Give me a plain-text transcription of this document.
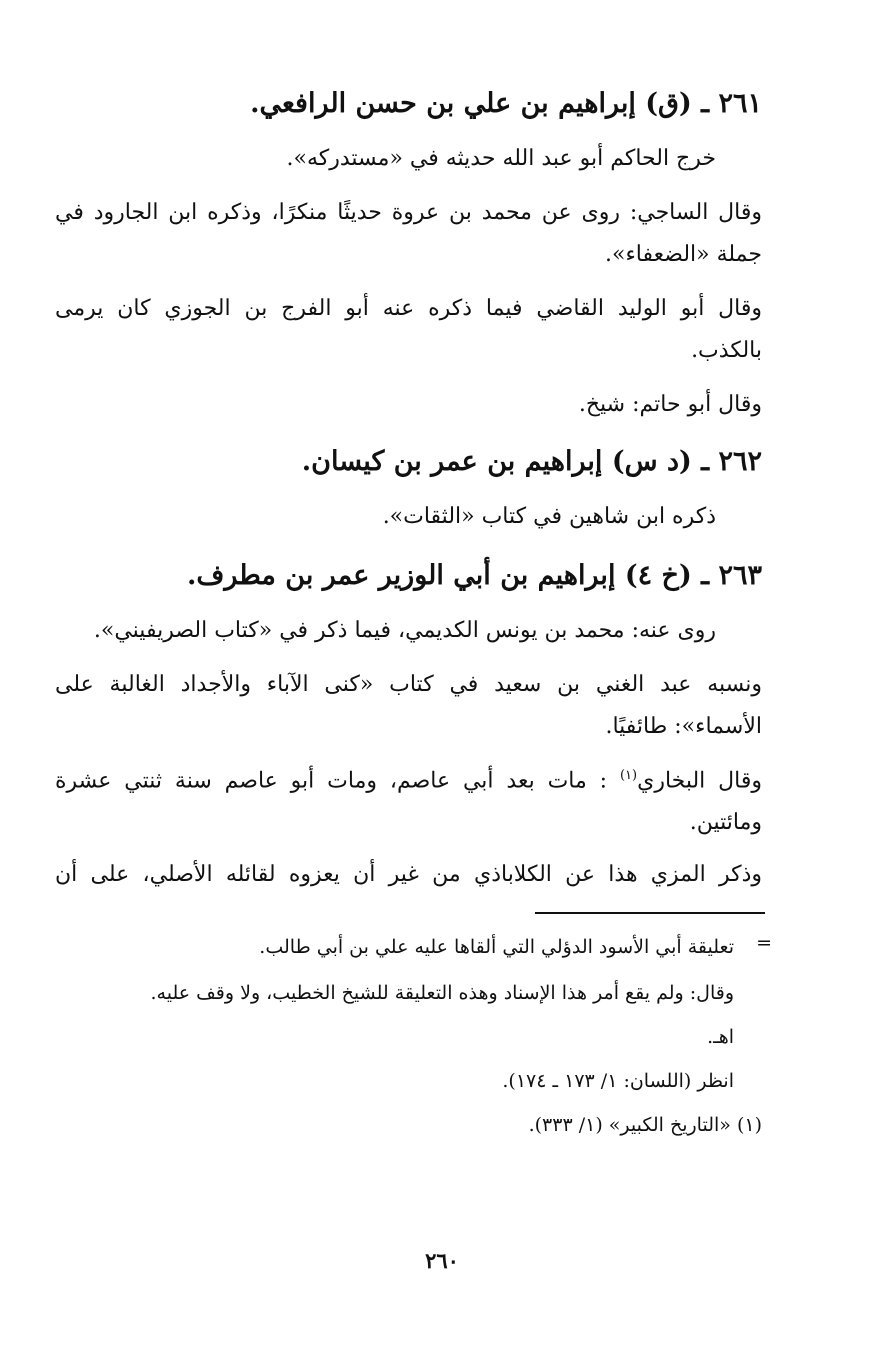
٢٦١ ـ (ق) إبراهيم بن علي بن حسن الرافعي.
خرج الحاكم أبو عبد الله حديثه في «مستدركه».
وقال الساجي: روى عن محمد بن عروة حديثًا منكرًا، وذكره ابن الجارود في
جملة «الضعفاء».
وقال أبو الوليد القاضي فيما ذكره عنه أبو الفرج بن الجوزي كان يرمى
بالكذب.
وقال أبو حاتم: شيخ.
٢٦٢ ـ (د س) إبراهيم بن عمر بن كيسان.
ذكره ابن شاهين في كتاب «الثقات».
٢٦٣ ـ (خ ٤) إبراهيم بن أبي الوزير عمر بن مطرف.
روى عنه: محمد بن يونس الكديمي، فيما ذكر في «كتاب الصريفيني».
ونسبه عبد الغني بن سعيد في كتاب «كنى الآباء والأجداد الغالبة على
الأسماء»: طائفيًا.
وقال البخاري$^{(١)}$ : مات بعد أبي عاصم، ومات أبو عاصم سنة ثنتي عشرة
ومائتين.
وذكر المزي هذا عن الكلاباذي من غير أن يعزوه لقائله الأصلي، على أن
=
تعليقة أبي الأسود الدؤلي التي ألقاها عليه علي بن أبي طالب.
وقال: ولم يقع أمر هذا الإسناد وهذه التعليقة للشيخ الخطيب، ولا وقف عليه.
اهـ.
انظر (اللسان: ١/ ١٧٣ ـ ١٧٤).
(١) «التاريخ الكبير» (١/ ٣٣٣).
٢٦٠
